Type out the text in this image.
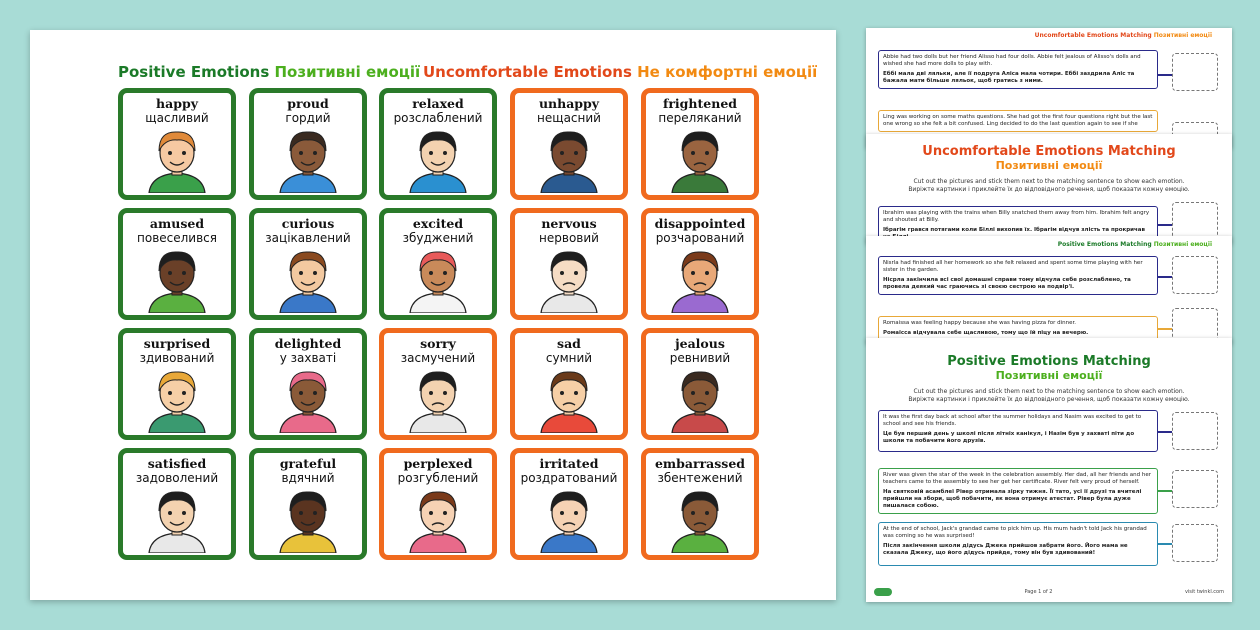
Positive Emotions Позитивні емоції Uncomfortable Emotions Не комфортні емоції
happy
щасливий
proud
гордий
relaxed
розслаблений
unhappy
нещасний
frightened
переляканий
amused
повеселився
curious
зацікавлений
excited
збуджений
nervous
нервовий
disappointed
розчарований
surprised
здивований
delighted
у захваті
sorry
засмучений
sad
сумний
jealous
ревнивий
satisfied
задоволений
grateful
вдячний
perplexed
розгублений
irritated
роздратований
embarrassed
збентежений
Uncomfortable Emotions Matching Позитивні емоції
Abbie had two dolls but her friend Alisso had four dolls. Abbie felt jealous of Alisso's dolls and wished she had more dolls to play with.
Еббі мала дві ляльки, але її подруга Аліса мала чотири. Еббі заздрила Аліс та бажала мати більше ляльок, щоб гратись з ними.
Ling was working on some maths questions. She had got the first four questions right but the last one wrong so she felt a bit confused. Ling decided to do the last question again to see if she
Uncomfortable Emotions Matching
Позитивні емоції
Cut out the pictures and stick them next to the matching sentence to show each emotion.
Виріжте картинки і приклейте їх до відповідного речення, щоб показати кожну емоцію.
Ibrahim was playing with the trains when Billy snatched them away from him. Ibrahim felt angry and shouted at Billy.
Ібрагім грався потягами коли Біллі вихопив їх. Ібрагім відчув злість та прокричав
Positive Emotions Matching Позитивні емоції
Nisrla had finished all her homework so she felt relaxed and spent some time playing with her sister in the garden.
Нісрла закінчила всі свої домашні справи тому відчула себе розслаблено, та провела деякий час граючись зі своєю сестрою на подвір'ї.
Romaissa was feeling happy because she was having pizza for dinner.
Ромаїсса відчувала себе щасливою, тому що їй піцу на вечерю.
Positive Emotions Matching
Позитивні емоції
Cut out the pictures and stick them next to the matching sentence to show each emotion.
Виріжте картинки і приклейте їх до відповідного речення, щоб показати кожну емоцію.
It was the first day back at school after the summer holidays and Nasim was excited to get to school and see his friends.
Це був перший день у школі після літніх канікул, і Назім був у захваті піти до школи та побачити його друзів.
River was given the star of the week in the celebration assembly. Her dad, all her friends and her teachers came to the assembly to see her get her certificate. River felt very proud of herself.
На святковій асамблеї Рівер отримала зірку тижня. Її тато, усі її друзі та вчителі прийшли на збори, щоб побачити, як вона отримує атестат. Рівер була дуже пишалася собою.
At the end of school, Jack's grandad came to pick him up. His mum hadn't told Jack his grandad was coming so he was surprised!
Після закінчення школи дідусь Джека прийшов забрати його. Його мама не сказала Джеку, що його дідусь прийде, тому він був здивований!
Page 1 of 2	visit twinkl.com
